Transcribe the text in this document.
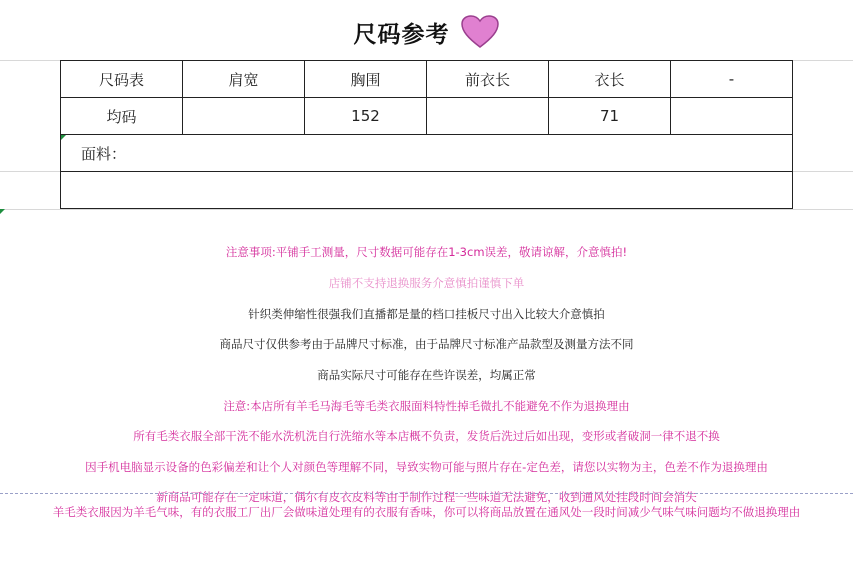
尺码参考
尺码表	肩宽	胸围	前衣长	衣长	-
均码		152		71	
面料：					

注意事项:平铺手工测量，尺寸数据可能存在1-3cm误差，敬请谅解，介意慎拍!
店铺不支持退换服务介意慎拍谨慎下单
针织类伸缩性很强我们直播都是量的档口挂板尺寸出入比较大介意慎拍
商品尺寸仅供参考由于品牌尺寸标准，由于品牌尺寸标准产品款型及测量方法不同
商品实际尺寸可能存在些许误差，均属正常
注意:本店所有羊毛马海毛等毛类衣服面料特性掉毛微扎不能避免不作为退换理由
所有毛类衣服全部干洗不能水洗机洗自行洗缩水等本店概不负责，发货后洗过后如出现，变形或者破洞一律不退不换
因手机电脑显示设备的色彩偏差和让个人对颜色等理解不同，导致实物可能与照片存在-定色差，请您以实物为主，色差不作为退换理由
新商品可能存在一定味道，偶尔有皮衣皮料等由于制作过程一些味道无法避免，收到通风处挂段时间会消失
羊毛类衣服因为羊毛气味，有的衣服工厂出厂会做味道处理有的衣服有香味，你可以将商品放置在通风处一段时间减少气味气味问题均不做退换理由
